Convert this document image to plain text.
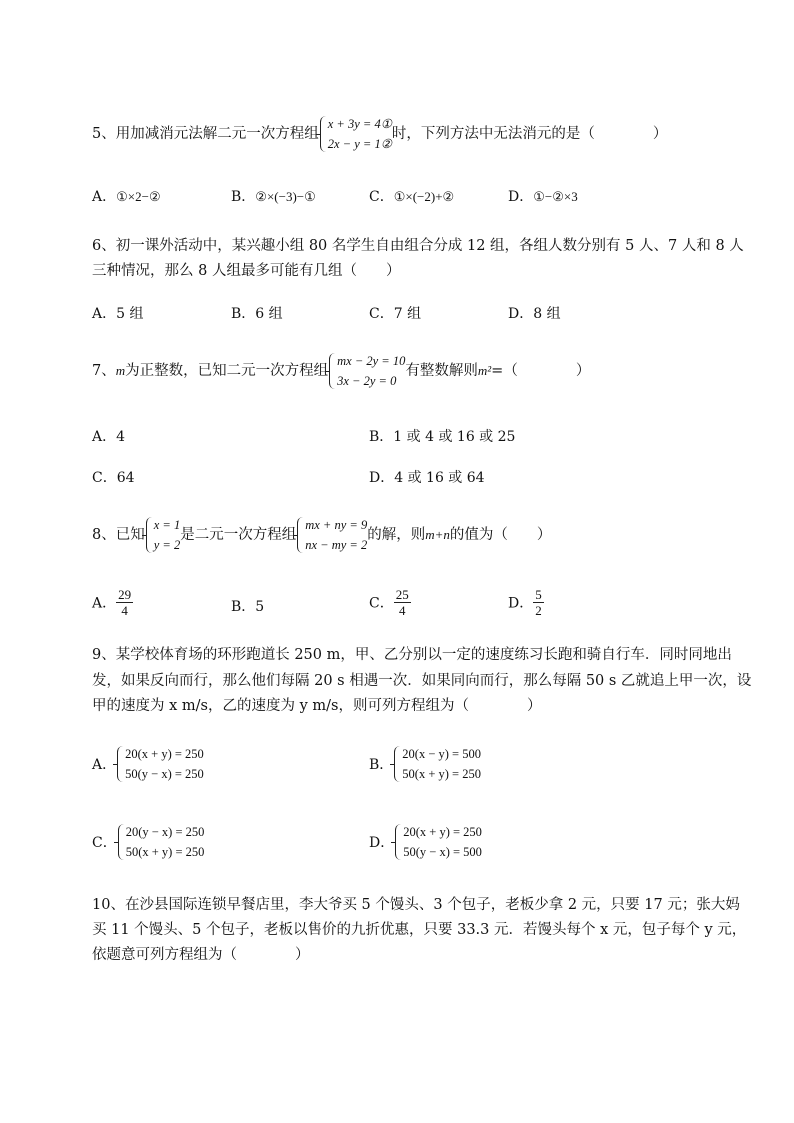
5、用加减消元法解二元一次方程组
x + 3y = 4①
2x − y = 1②
时，下列方法中无法消元的是（　　　　）
A．①×2−②	B．②×(−3)−①	C．①×(−2)+②	D．①−②×3
6、初一课外活动中，某兴趣小组 80 名学生自由组合分成 12 组，各组人数分别有 5 人、7 人和 8 人
三种情况，那么 8 人组最多可能有几组（　　）
A．5 组	B．6 组	C．7 组	D．8 组
7、m为正整数，已知二元一次方程组
mx − 2y = 10
3x − 2y = 0
有整数解则m²=（　　　　）
A．4	B．1 或 4 或 16 或 25
C．64	D．4 或 16 或 64
8、已知
x = 1
y = 2
是二元一次方程组
mx + ny = 9
nx − my = 2
的解，则m+n的值为（　　）
A． $\frac{29}{4}$	B．5	C． $\frac{25}{4}$	D． $\frac{5}{2}$
9、某学校体育场的环形跑道长 250 m，甲、乙分别以一定的速度练习长跑和骑自行车．同时同地出
发，如果反向而行，那么他们每隔 20 s 相遇一次．如果同向而行，那么每隔 50 s 乙就追上甲一次，设
甲的速度为 x m/s，乙的速度为 y m/s，则可列方程组为（　　　　）
A．
20(x + y) = 250
50(y − x) = 250
B．
20(x − y) = 500
50(x + y) = 250
C．
20(y − x) = 250
50(x + y) = 250
D．
20(x + y) = 250
50(y − x) = 500
10、在沙县国际连锁早餐店里，李大爷买 5 个馒头、3 个包子，老板少拿 2 元，只要 17 元；张大妈
买 11 个馒头、5 个包子，老板以售价的九折优惠，只要 33.3 元．若馒头每个 x 元，包子每个 y 元，
依题意可列方程组为（　　　　）
